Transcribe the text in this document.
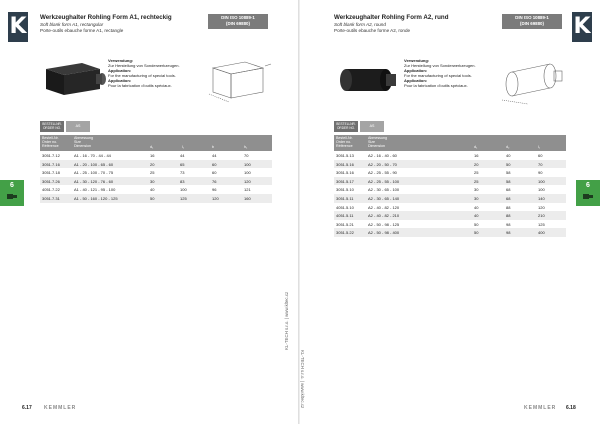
K Werkzeughalter Rohling Form A1, rechteckig
Soft blank form A1, rectangular
Porte-outils ebauche forme A1, rectangle
DIN ISO 10889-1
(DIN 69880)
Verwendung:
Zur Herstellung von Sonderwerkzeugen.
Application:
For the manufacturing of special tools.
Application:
Pour la fabrication d'outils spéciaux.
BESTELLNR.
ORDER NO.	AS
Bestell-Nr.
Order no.
Référence
Abmessung
Size
Dimension	d₁	l₁	b	h₁
3051.7.12	A1 - 16 - 70 - 44 - 44	16	44	44	70
3051.7.16	A1 - 20 - 100 - 65 - 60	20	65	60	100
3051.7.18	A1 - 25 - 100 - 70 - 75	25	73	60	100
3051.7.26	A1 - 30 - 120 - 76 - 60	30	83	76	120
4051.7.22	A1 - 40 - 121 - 95 - 100	40	100	96	121
3051.7.31	A1 - 50 - 160 - 120 - 125	50	125	120	160
6
KL-TECH s.r.o. | www.kltec.cz
6.17 KEMMLER
K
Werkzeughalter Rohling Form A2, rund
Soft blank form A2, round
Porte-outils ebauche forme A2, ronde
DIN ISO 10889-1
(DIN 69880)
Verwendung:
Zur Herstellung von Sonderwerkzeugen.
Application:
For the manufacturing of special tools.
Application:
Pour la fabrication d'outils spéciaux.
BESTELLNR.
ORDER NO.	AS
Bestell-Nr.
Order no.
Référence
Abmessung
Size
Dimension	d₁	d₂	l₁
3051.5.13	A2 - 16 - 40 - 60	16	40	60
3051.5.16	A2 - 20 - 50 - 70	20	50	70
3051.5.16	A2 - 25 - 55 - 90	25	58	90
3051.5.17	A2 - 25 - 55 - 100	25	58	100
3051.5.10	A2 - 30 - 65 - 100	30	68	100
3051.5.11	A2 - 30 - 65 - 140	30	68	140
4051.5.10	A2 - 40 - 82 - 120	40	88	120
4051.5.11	A2 - 40 - 82 - 210	40	88	210
3051.5.21	A2 - 50 - 98 - 125	50	98	125
3051.5.22	A2 - 50 - 98 - 400	50	98	400
6
KL-TECH s.r.o. | www.kltec.cz	KEMMLER 6.18
